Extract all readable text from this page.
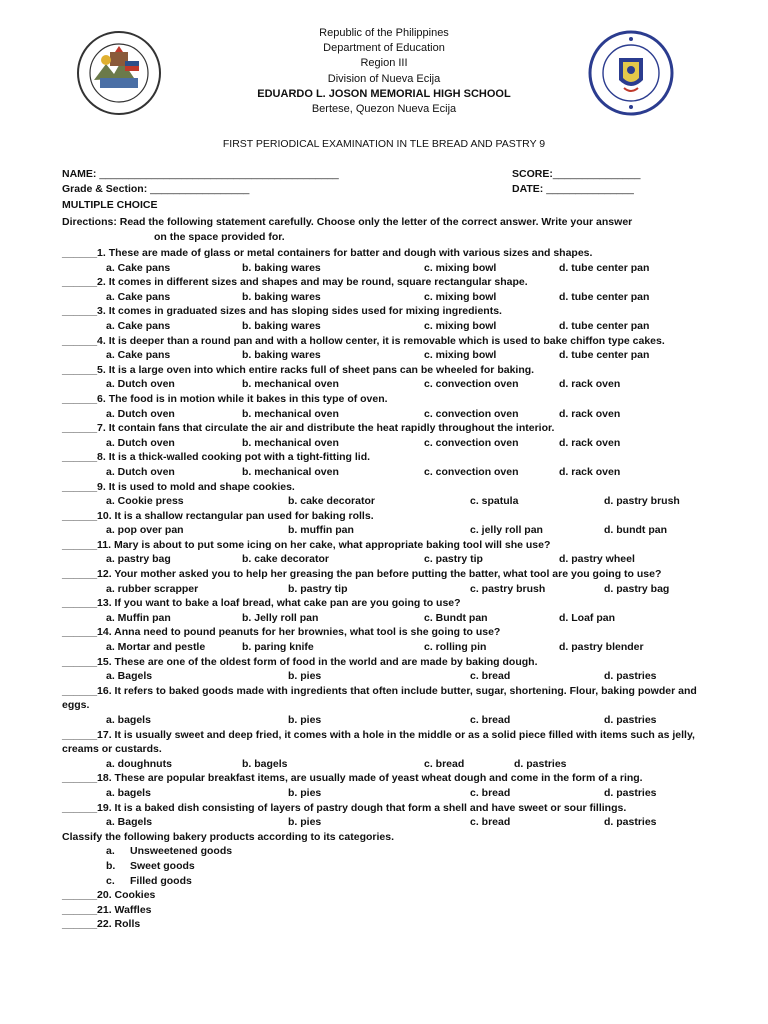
Republic of the Philippines
Department of Education
Region III
Division of Nueva Ecija
EDUARDO L. JOSON MEMORIAL HIGH SCHOOL
Bertese, Quezon Nueva Ecija
FIRST PERIODICAL EXAMINATION IN TLE BREAD AND PASTRY 9
NAME: _________________________________________	SCORE:_______________
Grade & Section: _________________	DATE: _______________
MULTIPLE CHOICE
Directions: Read the following statement carefully. Choose only the letter of the correct answer. Write your answer
on the space provided for.
______1. These are made of glass or metal containers for batter and dough with various sizes and shapes.
a. Cake pans	b. baking wares	c. mixing bowl	d. tube center pan
______2. It comes in different sizes and shapes and may be round, square rectangular shape.
a. Cake pans	b. baking wares	c. mixing bowl	d. tube center pan
______3. It comes in graduated sizes and has sloping sides used for mixing ingredients.
a. Cake pans	b. baking wares	c. mixing bowl	d. tube center pan
______4. It is deeper than a round pan and with a hollow center, it is removable which is used to bake chiffon type cakes.
a. Cake pans	b. baking wares	c. mixing bowl	d. tube center pan
______5. It is a large oven into which entire racks full of sheet pans can be wheeled for baking.
a. Dutch oven	b. mechanical oven	c. convection oven	d. rack oven
______6. The food is in motion while it bakes in this type of oven.
a. Dutch oven	b. mechanical oven	c. convection oven	d. rack oven
______7. It contain fans that circulate the air and distribute the heat rapidly throughout the interior.
a. Dutch oven	b. mechanical oven	c. convection oven	d. rack oven
______8. It is a thick-walled cooking pot with a tight-fitting lid.
a. Dutch oven	b. mechanical oven	c. convection oven	d. rack oven
______9. It is used to mold and shape cookies.
a. Cookie press	b. cake decorator	c. spatula	d. pastry brush
______10. It is a shallow rectangular pan used for baking rolls.
a. pop over pan	b. muffin pan	c. jelly roll pan	d. bundt pan
______11. Mary is about to put some icing on her cake, what appropriate baking tool will she use?
a. pastry bag	b. cake decorator	c. pastry tip	d. pastry wheel
______12. Your mother asked you to help her greasing the pan before putting the batter, what tool are you going to use?
a. rubber scrapper	b. pastry tip	c. pastry brush	d. pastry bag
______13. If you want to bake a loaf bread, what cake pan are you going to use?
a. Muffin pan	b. Jelly roll pan	c. Bundt pan	d. Loaf pan
______14. Anna need to pound peanuts for her brownies, what tool is she going to use?
a. Mortar and pestle	b. paring knife	c. rolling pin	d. pastry blender
______15. These are one of the oldest form of food in the world and are made by baking dough.
a. Bagels	b. pies	c. bread	d. pastries
______16. It refers to baked goods made with ingredients that often include butter, sugar, shortening. Flour, baking powder and eggs.
a. bagels	b. pies	c. bread	d. pastries
______17. It is usually sweet and deep fried, it comes with a hole in the middle or as a solid piece filled with items such as jelly, creams or custards.
a. doughnuts	b. bagels	c. bread	d. pastries
______18. These are popular breakfast items, are usually made of yeast wheat dough and come in the form of a ring.
a. bagels	b. pies	c. bread	d. pastries
______19. It is a baked dish consisting of layers of pastry dough that form a shell and have sweet or sour fillings.
a. Bagels	b. pies	c. bread	d. pastries
Classify the following bakery products according to its categories.
a. Unsweetened goods
b. Sweet goods
c. Filled goods
______20. Cookies
______21. Waffles
______22. Rolls
